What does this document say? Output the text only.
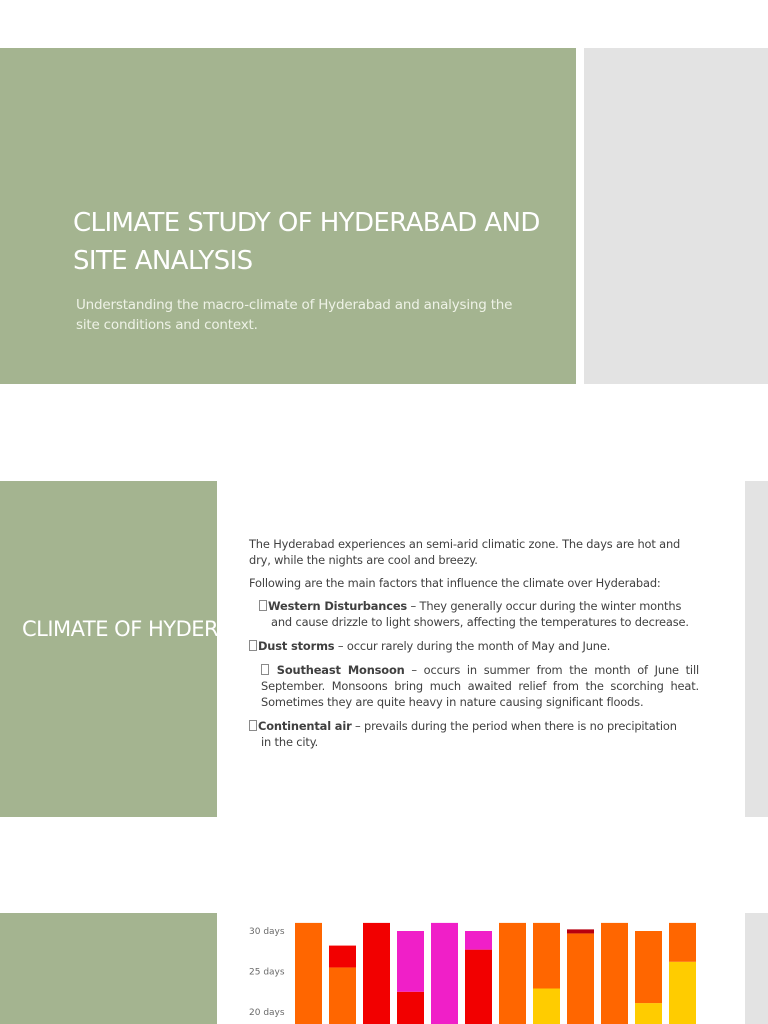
CLIMATE STUDY OF HYDERABAD AND SITE ANALYSIS

Understanding the macro-climate of Hyderabad and analysing the site conditions and context.

CLIMATE OF HYDERABAD

The Hyderabad experiences an semi-arid climatic zone. The days are hot and dry, while the nights are cool and breezy.

Following are the main factors that influence the climate over Hyderabad:

Western Disturbances – They generally occur during the winter months
and cause drizzle to light showers, affecting the temperatures to decrease.
Dust storms – occur rarely during the month of May and June.
Southeast Monsoon – occurs in summer from the month of June till September. Monsoons bring much awaited relief from the scorching heat. Sometimes they are quite heavy in nature causing significant floods.
Continental air – prevails during the period when there is no precipitation
in the city.
30 days
25 days
20 days
